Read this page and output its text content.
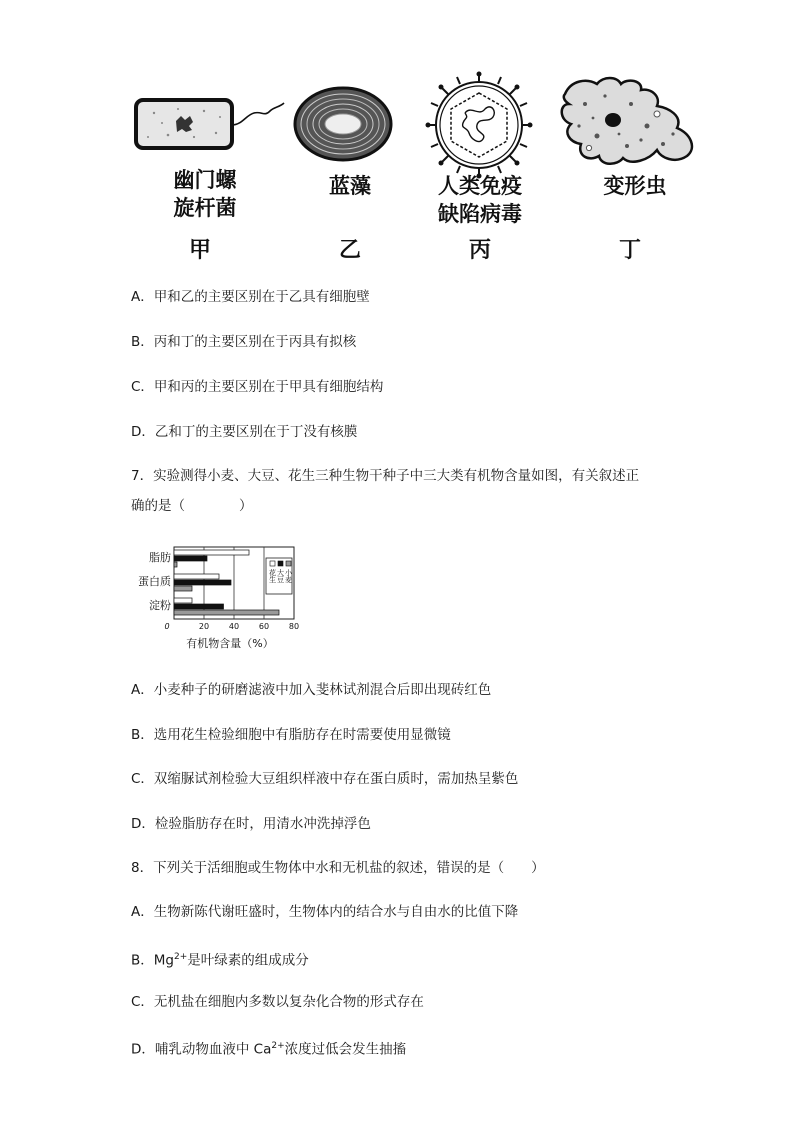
幽门螺
旋杆菌
蓝藻	人类免疫
缺陷病毒
变形虫
甲	乙	丙	丁
A．甲和乙的主要区别在于乙具有细胞壁
B．丙和丁的主要区别在于丙具有拟核
C．甲和丙的主要区别在于甲具有细胞结构
D．乙和丁的主要区别在于丁没有核膜
7．实验测得小麦、大豆、花生三种生物干种子中三大类有机物含量如图，有关叙述正
确的是（　　　　）
脂肪
蛋白质
淀粉
0	20 40 60 80
有机物含量（%）
花生 大豆 小麦
A．小麦种子的研磨滤液中加入斐林试剂混合后即出现砖红色
B．选用花生检验细胞中有脂肪存在时需要使用显微镜
C．双缩脲试剂检验大豆组织样液中存在蛋白质时，需加热呈紫色
D．检验脂肪存在时，用清水冲洗掉浮色
8．下列关于活细胞或生物体中水和无机盐的叙述，错误的是（　　）
A．生物新陈代谢旺盛时，生物体内的结合水与自由水的比值下降
B．$Mg^{2+}$是叶绿素的组成成分
C．无机盐在细胞内多数以复杂化合物的形式存在
D．哺乳动物血液中 $Ca^{2+}$浓度过低会发生抽搐
